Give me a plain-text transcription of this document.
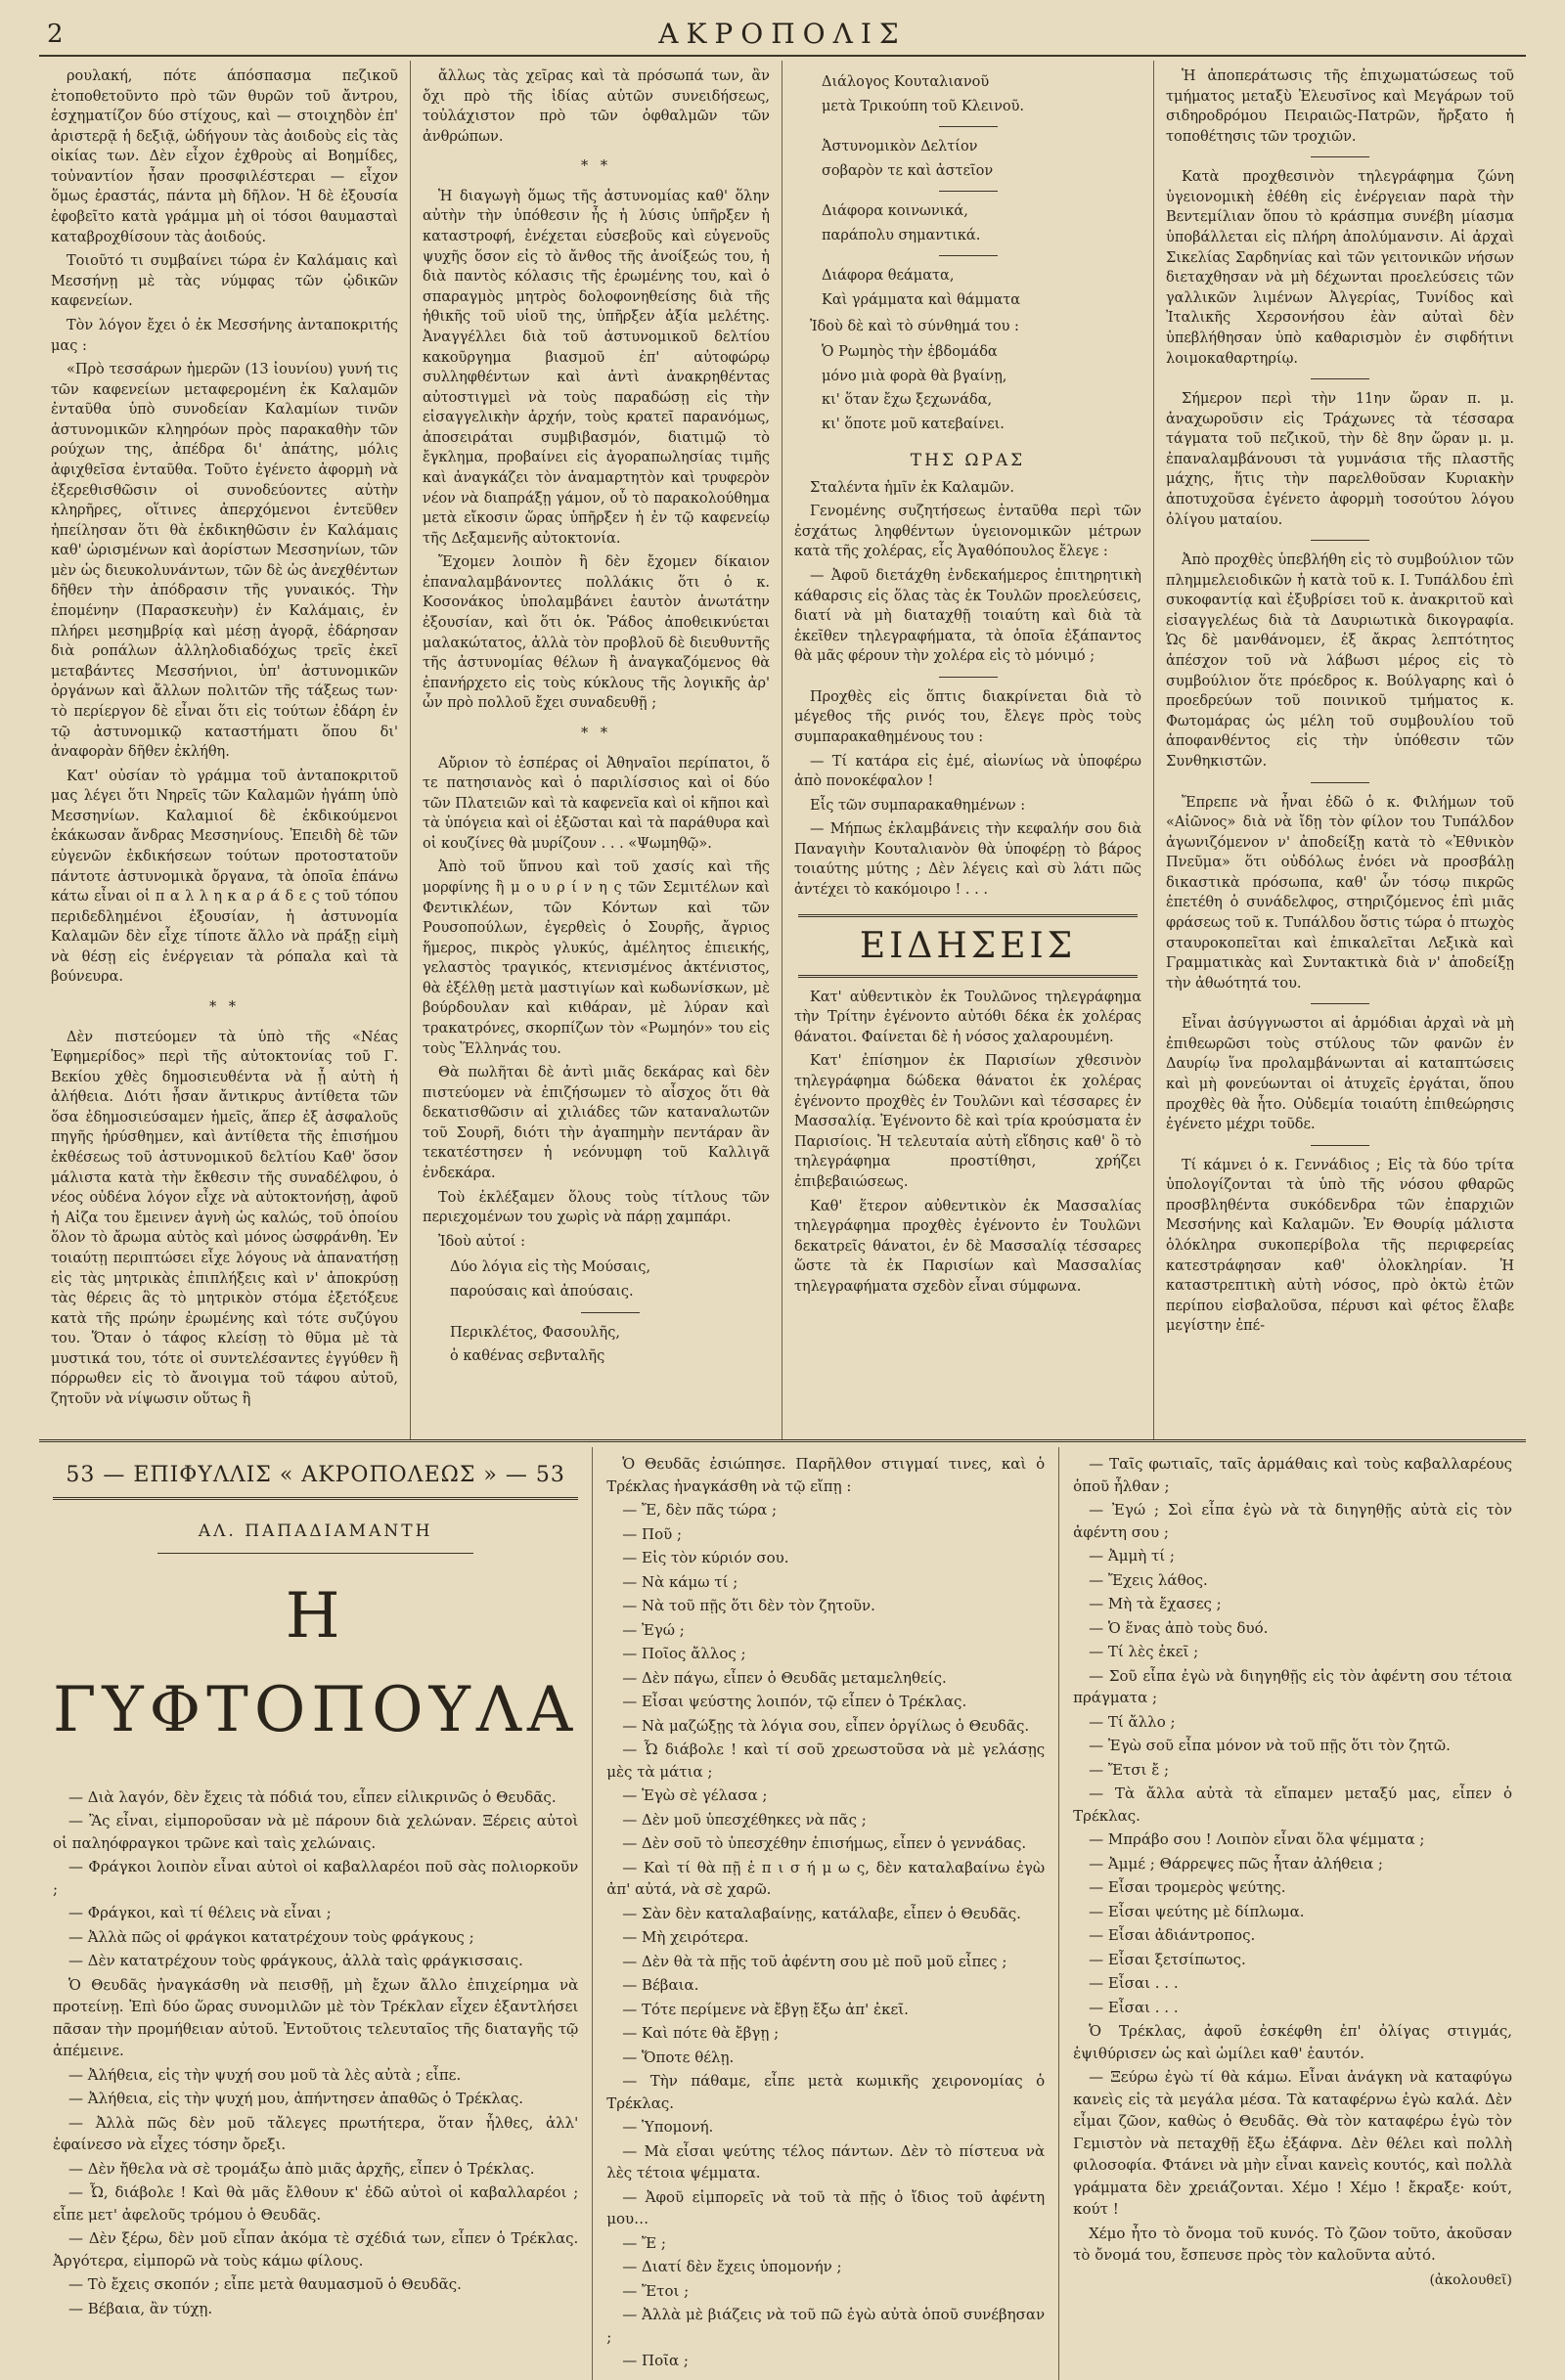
2	ΑΚΡΟΠΟΛΙΣ

ρουλακή, πότε άπόσπασμα πεζικοῦ ἐτοποθετοῦντο πρὸ τῶν θυρῶν τοῦ ἄντρου, ἐσχηματίζον δύο στίχους, καὶ — στοιχηδὸν ἐπ' ἀριστερᾷ ἡ δεξιᾷ, ὡδήγουν τὰς ἀοιδοὺς εἰς τὰς οἰκίας των. Δὲν εἶχον ἐχθροὺς αἱ Βοημίδες, τοὐναντίον ἦσαν προσφιλέστεραι — εἶχον ὅμως ἐραστάς, πάντα μὴ δῆλον. Ἡ δὲ ἐξουσία ἐφοβεῖτο κατὰ γράμμα μὴ οἱ τόσοι θαυμασταὶ καταβροχθίσουν τὰς ἀοιδούς.

Τοιοῦτό τι συμβαίνει τώρα ἐν Καλάμαις καὶ Μεσσήνῃ μὲ τὰς νύμφας τῶν ᾠδικῶν καφενείων.

Τὸν λόγον ἔχει ὁ ἐκ Μεσσήνης ἀνταποκριτής μας :

«Πρὸ τεσσάρων ἡμερῶν (13 ἰουνίου) γυνή τις τῶν καφενείων μεταφερομένη ἐκ Καλαμῶν ἐνταῦθα ὑπὸ συνοδείαν Καλαμίων τινῶν ἀστυνομικῶν κληηρόων πρὸς παρακαθὴν τῶν ρούχων της, ἀπέδρα δι' ἀπάτης, μόλις ἀφιχθεῖσα ἐνταῦθα. Τοῦτο ἐγένετο ἀφορμὴ νὰ ἐξερεθισθῶσιν οἱ συνοδεύοντες αὐτὴν κληρῆρες, οἵτινες ἀπερχόμενοι ἐντεῦθεν ἠπείλησαν ὅτι θὰ ἐκδικηθῶσιν ἐν Καλάμαις καθ' ὡρισμένων καὶ ἀορίστων Μεσσηνίων, τῶν μὲν ὡς διευκολυνάντων, τῶν δὲ ὡς ἀνεχθέντων δῆθεν τὴν ἀπόδρασιν τῆς γυναικός. Τὴν ἐπομένην (Παρασκευὴν) ἐν Καλάμαις, ἐν πλήρει μεσημβρίᾳ καὶ μέσῃ ἀγορᾷ, ἐδάρησαν διὰ ροπάλων ἀλληλοδιαδόχως τρεῖς ἐκεῖ μεταβάντες Μεσσήνιοι, ὑπ' ἀστυνομικῶν ὀργάνων καὶ ἄλλων πολιτῶν τῆς τάξεως των· τὸ περίεργον δὲ εἶναι ὅτι εἰς τούτων ἐδάρη ἐν τῷ ἀστυνομικῷ καταστήματι ὅπου δι' ἀναφορὰν δῆθεν ἐκλήθη.

Κατ' οὐσίαν τὸ γράμμα τοῦ ἀνταποκριτοῦ μας λέγει ὅτι Νηρεῖς τῶν Καλαμῶν ἠγάπη ὑπὸ Μεσσηνίων. Καλαμιοί δὲ ἐκδικούμενοι ἐκάκωσαν ἄνδρας Μεσσηνίους. Ἐπειδὴ δὲ τῶν εὐγενῶν ἐκδικήσεων τούτων προτοστατοῦν πάντοτε ἀστυνομικὰ ὄργανα, τὰ ὁποῖα ἐπάνω κάτω εἶναι οἱ π α λ λ η κ α ρ ά δ ε ς τοῦ τόπου περιδεδλημένοι ἐξουσίαν, ἡ ἀστυνομία Καλαμῶν δὲν εἶχε τίποτε ἄλλο νὰ πράξῃ εἰμὴ νὰ θέσῃ εἰς ἐνέργειαν τὰ ρόπαλα καὶ τὰ βούνευρα.

* *

Δὲν πιστεύομεν τὰ ὑπὸ τῆς «Νέας Ἐφημερίδος» περὶ τῆς αὐτοκτονίας τοῦ Γ. Βεκίου χθὲς δημοσιευθέντα νὰ ᾖ αὐτὴ ἡ ἀλήθεια. Διότι ἦσαν ἄντικρυς ἀντίθετα τῶν ὅσα ἐδημοσιεύσαμεν ἡμεῖς, ἅπερ ἐξ ἀσφαλοῦς πηγῆς ἠρύσθημεν, καὶ ἀντίθετα τῆς ἐπισήμου ἐκθέσεως τοῦ ἀστυνομικοῦ δελτίου Καθ' ὅσον μάλιστα κατὰ τὴν ἔκθεσιν τῆς συναδέλφου, ὁ νέος οὐδένα λόγον εἶχε νὰ αὐτοκτονήσῃ, ἀφοῦ ἡ Αἰζα του ἔμεινεν ἀγνὴ ὡς καλώς, τοῦ ὁποίου ὅλον τὸ ἄρωμα αὐτὸς καὶ μόνος ὠσφράνθη. Ἐν τοιαύτῃ περιπτώσει εἶχε λόγους νὰ ἀπανατήσῃ εἰς τὰς μητρικὰς ἐπιπλήξεις καὶ ν' ἀποκρύσῃ τὰς θέρεις ἃς τὸ μητρικὸν στόμα ἐξετόξευε κατὰ τῆς πρώην ἐρωμένης καὶ τότε συζύγου του. Ὅταν ὁ τάφος κλείσῃ τὸ θῦμα μὲ τὰ μυστικά του, τότε οἱ συντελέσαντες ἐγγύθεν ἢ πόρρωθεν εἰς τὸ ἄνοιγμα τοῦ τάφου αὐτοῦ, ζητοῦν νὰ νίψωσιν οὕτως ἢ

ἄλλως τὰς χεῖρας καὶ τὰ πρόσωπά των, ἂν ὄχι πρὸ τῆς ἰδίας αὐτῶν συνειδήσεως, τοὐλάχιστον πρὸ τῶν ὀφθαλμῶν τῶν ἀνθρώπων.

* *

Ἡ διαγωγὴ ὅμως τῆς ἀστυνομίας καθ' ὅλην αὐτὴν τὴν ὑπόθεσιν ἦς ἡ λύσις ὑπῆρξεν ἡ καταστροφή, ἐνέχεται εὐσεβοῦς καὶ εὐγενοῦς ψυχῆς ὅσον εἰς τὸ ἄνθος τῆς ἀνοίξεώς του, ἡ διὰ παντὸς κόλασις τῆς ἐρωμένης του, καὶ ὁ σπαραγμὸς μητρὸς δολοφονηθείσης διὰ τῆς ἠθικῆς τοῦ υἱοῦ της, ὑπῆρξεν ἀξία μελέτης. Ἀναγγέλλει διὰ τοῦ ἀστυνομικοῦ δελτίου κακοῦργημα βιασμοῦ ἐπ' αὐτοφώρῳ συλληφθέντων καὶ ἀντὶ ἀνακρηθέντας αὐτοστιγμεὶ νὰ τοὺς παραδώσῃ εἰς τὴν εἰσαγγελικὴν ἀρχήν, τοὺς κρατεῖ παρανόμως, ἀποσειράται συμβιβασμόν, διατιμῷ τὸ ἔγκλημα, προβαίνει εἰς ἀγοραπωλησίας τιμῆς καὶ ἀναγκάζει τὸν ἀναμαρτητὸν καὶ τρυφερὸν νέον νὰ διαπράξῃ γάμον, οὗ τὸ παρακολούθημα μετὰ εἴκοσιν ὥρας ὑπῆρξεν ἡ ἐν τῷ καφενείῳ τῆς Δεξαμενῆς αὐτοκτονία.

Ἔχομεν λοιπὸν ἢ δὲν ἔχομεν δίκαιον ἐπαναλαμβάνοντες πολλάκις ὅτι ὁ κ. Κοσονάκος ὑπολαμβάνει ἑαυτὸν ἀνωτάτην ἐξουσίαν, καὶ ὅτι ὁκ. Ῥάδος ἀποθεικνύεται μαλακώτατος, ἀλλὰ τὸν προβλοῦ δὲ διευθυντῆς τῆς ἀστυνομίας θέλων ἢ ἀναγκαζόμενος θὰ ἐπανήρχετο εἰς τοὺς κύκλους τῆς λογικῆς ἀρ' ὧν πρὸ πολλοῦ ἔχει συναδευθῇ ;

* *

Αὔριον τὸ ἑσπέρας οἱ Ἀθηναῖοι περίπατοι, ὅ τε πατησιανὸς καὶ ὁ παριλίσσιος καὶ οἱ δύο τῶν Πλατειῶν καὶ τὰ καφενεῖα καὶ οἱ κῆποι καὶ τὰ ὑπόγεια καὶ οἱ ἐξῶσται καὶ τὰ παράθυρα καὶ οἱ κουζίνες θὰ μυρίζουν . . . «Ψωμηθῷ».

Ἀπὸ τοῦ ὕπνου καὶ τοῦ χασίς καὶ τῆς μορφίνης ἢ μ ο υ ρ ί ν η ς τῶν Σεμιτέλων καὶ Φεντικλέων, τῶν Κόντων καὶ τῶν Ρουσοπούλων, ἐγερθεὶς ὁ Σουρῆς, ἄγριος ἥμερος, πικρὸς γλυκύς, ἀμέλητος ἐπιεικής, γελαστὸς τραγικός, κτενισμένος ἀκτένιστος, θὰ ἐξέλθῃ μετὰ μαστιγίων καὶ κωδωνίσκων, μὲ βούρδουλαν καὶ κιθάραν, μὲ λύραν καὶ τρακατρόνες, σκορπίζων τὸν «Ρωμηόν» του εἰς τοὺς Ἕλληνάς του.

Θὰ πωλῆται δὲ ἀντὶ μιᾶς δεκάρας καὶ δὲν πιστεύομεν νὰ ἐπιζήσωμεν τὸ αἶσχος ὅτι θὰ δεκατισθῶσιν αἱ χιλιάδες τῶν καταναλωτῶν τοῦ Σουρῆ, διότι τὴν ἀγαπημὴν πεντάραν ἂν τεκατέστησεν ἡ νεόνυμφη τοῦ Καλλιγᾶ ἐνδεκάρα.

Τοὺ ἐκλέξαμεν ὅλους τοὺς τίτλους τῶν περιεχομένων του χωρὶς νὰ πάρῃ χαμπάρι.

Ἰδοὺ αὐτοί :

Δύο λόγια εἰς τὴς Μούσαις,

παρούσαις καὶ ἀπούσαις.

Περικλέτος, Φασουλῆς,

ὁ καθένας σεβνταλῆς

Διάλογος Κουταλιανοῦ

μετὰ Τρικούπη τοῦ Κλεινοῦ.

Ἀστυνομικὸν Δελτίον

σοβαρὸν τε καὶ ἀστεῖον

Διάφορα κοινωνικά,

παράπολυ σημαντικά.

Διάφορα θεάματα,

Καὶ γράμματα καὶ θάμματα

Ἰδοὺ δὲ καὶ τὸ σύνθημά του :

Ὁ Ρωμηὸς τὴν ἑβδομάδα

μόνο μιὰ φορὰ θὰ βγαίνῃ,

κι' ὅταν ἔχω ξεχωνάδα,

κι' ὅποτε μοῦ κατεβαίνει.

ΤΗΣ ΩΡΑΣ

Σταλέντα ἡμῖν ἐκ Καλαμῶν.

Γενομένης συζητήσεως ἐνταῦθα περὶ τῶν ἐσχάτως ληφθέντων ὑγειονομικῶν μέτρων κατὰ τῆς χολέρας, εἷς Ἀγαθόπουλος ἔλεγε :

— Ἀφοῦ διετάχθη ἐνδεκαήμερος ἐπιτηρητικὴ κάθαρσις εἰς ὅλας τὰς ἐκ Τουλῶν προελεύσεις, διατί νὰ μὴ διαταχθῇ τοιαύτη καὶ διὰ τὰ ἐκεῖθεν τηλεγραφήματα, τὰ ὁποῖα ἐξάπαντος θὰ μᾶς φέρουν τὴν χολέρα εἰς τὸ μόνιμό ;

Προχθὲς εἰς ὅπτις διακρίνεται διὰ τὸ μέγεθος τῆς ρινός του, ἔλεγε πρὸς τοὺς συμπαρακαθημένους του :

— Τί κατάρα εἰς ἐμέ, αἰωνίως νὰ ὑποφέρω ἀπὸ πονοκέφαλον !

Εἷς τῶν συμπαρακαθημένων :

— Μήπως ἐκλαμβάνεις τὴν κεφαλήν σου διὰ Παναγιὴν Κουταλιανὸν θὰ ὑποφέρῃ τὸ βάρος τοιαύτης μύτης ; Δὲν λέγεις καὶ σὺ λάτι πῶς ἀντέχει τὸ κακόμοιρο ! . . .

ΕΙΔΗΣΕΙΣ

Κατ' αὐθεντικὸν ἐκ Τουλῶνος τηλεγράφημα τὴν Τρίτην ἐγένοντο αὐτόθι δέκα ἐκ χολέρας θάνατοι. Φαίνεται δὲ ἡ νόσος χαλαρουμένη.

Κατ' ἐπίσημον ἐκ Παρισίων χθεσινὸν τηλεγράφημα δώδεκα θάνατοι ἐκ χολέρας ἐγένοντο προχθὲς ἐν Τουλῶνι καὶ τέσσαρες ἐν Μασσαλίᾳ. Ἐγένοντο δὲ καὶ τρία κρούσματα ἐν Παρισίοις. Ἡ τελευταία αὐτὴ εἴδησις καθ' ὃ τὸ τηλεγράφημα προστίθησι, χρήζει ἐπιβεβαιώσεως.

Καθ' ἕτερον αὐθεντικὸν ἐκ Μασσαλίας τηλεγράφημα προχθὲς ἐγένοντο ἐν Τουλῶνι δεκατρεῖς θάνατοι, ἐν δὲ Μασσαλίᾳ τέσσαρες ὥστε τὰ ἐκ Παρισίων καὶ Μασσαλίας τηλεγραφήματα σχεδὸν εἶναι σύμφωνα.

Ἡ ἀποπεράτωσις τῆς ἐπιχωματώσεως τοῦ τμήματος μεταξὺ Ἐλευσῖνος καὶ Μεγάρων τοῦ σιδηροδρόμου Πειραιῶς-Πατρῶν, ἤρξατο ἡ τοποθέτησις τῶν τροχιῶν.

Κατὰ προχθεσινὸν τηλεγράφημα ζώνη ὑγειονομικὴ ἐθέθη εἰς ἐνέργειαν παρὰ τὴν Βεντεμίλιαν ὅπου τὸ κράσπμα συνέβη μίασμα ὑποβάλλεται εἰς πλήρη ἀπολύμανσιν. Αἱ ἀρχαὶ Σικελίας Σαρδηνίας καὶ τῶν γειτονικῶν νήσων διεταχθησαν νὰ μὴ δέχωνται προελεύσεις τῶν γαλλικῶν λιμένων Ἀλγερίας, Τυνίδος καὶ Ἰταλικῆς Χερσονήσου ἐὰν αὐταὶ δὲν ὑπεβλήθησαν ὑπὸ καθαρισμὸν ἐν σιφδήτινι λοιμοκαθαρτηρίῳ.

Σήμερον περὶ τὴν 11ην ὥραν π. μ. ἀναχωροῦσιν εἰς Τράχωνες τὰ τέσσαρα τάγματα τοῦ πεζικοῦ, τὴν δὲ 8ην ὥραν μ. μ. ἐπαναλαμβάνουσι τὰ γυμνάσια τῆς πλαστῆς μάχης, ἥτις τὴν παρελθοῦσαν Κυριακὴν ἀποτυχοῦσα ἐγένετο ἀφορμὴ τοσούτου λόγου ὀλίγου ματαίου.

Ἀπὸ προχθὲς ὑπεβλήθη εἰς τὸ συμβούλιον τῶν πλημμελειοδικῶν ἡ κατὰ τοῦ κ. Ι. Τυπάλδου ἐπὶ συκοφαντίᾳ καὶ ἐξυβρίσει τοῦ κ. ἀνακριτοῦ καὶ εἰσαγγελέως διὰ τὰ Δαυριωτικὰ δικογραφία. Ὡς δὲ μανθάνομεν, ἐξ ἄκρας λεπτότητος ἀπέσχον τοῦ νὰ λάβωσι μέρος εἰς τὸ συμβούλιον ὅτε πρόεδρος κ. Βούλγαρης καὶ ὁ προεδρεύων τοῦ ποινικοῦ τμήματος κ. Φωτομάρας ὡς μέλη τοῦ συμβουλίου τοῦ ἀποφανθέντος εἰς τὴν ὑπόθεσιν τῶν Συνθηκιστῶν.

Ἔπρεπε νὰ ἦναι ἐδῶ ὁ κ. Φιλήμων τοῦ «Αἰῶνος» διὰ νὰ ἴδῃ τὸν φίλον του Τυπάλδον ἀγωνιζόμενον ν' ἀποδείξῃ κατὰ τὸ «Ἐθνικὸν Πνεῦμα» ὅτι οὐδόλως ἐνόει νὰ προσβάλῃ δικαστικὰ πρόσωπα, καθ' ὧν τόσῳ πικρῶς ἐπετέθη ὁ συνάδελφος, στηριζόμενος ἐπὶ μιᾶς φράσεως τοῦ κ. Τυπάλδου ὅστις τώρα ὁ πτωχὸς σταυροκοπεῖται καὶ ἐπικαλεῖται Λεξικὰ καὶ Γραμματικὰς καὶ Συντακτικὰ διὰ ν' ἀποδείξῃ τὴν ἀθωότητά του.

Εἶναι ἀσύγγνωστοι αἱ ἁρμόδιαι ἀρχαὶ νὰ μὴ ἐπιθεωρῶσι τοὺς στύλους τῶν φανῶν ἐν Δαυρίῳ ἵνα προλαμβάνωνται αἱ καταπτώσεις καὶ μὴ φονεύωνται οἱ ἀτυχεῖς ἐργάται, ὅπου προχθὲς θὰ ἦτο. Οὐδεμία τοιαύτη ἐπιθεώρησις ἐγένετο μέχρι τοῦδε.

Τί κάμνει ὁ κ. Γεννάδιος ; Εἰς τὰ δύο τρίτα ὑπολογίζονται τὰ ὑπὸ τῆς νόσου φθαρῶς προσβληθέντα συκόδενδρα τῶν ἐπαρχιῶν Μεσσήνης καὶ Καλαμῶν. Ἐν Θουρίᾳ μάλιστα ὁλόκληρα συκοπερίβολα τῆς περιφερείας κατεστράφησαν καθ' ὁλοκληρίαν. Ἡ καταστρεπτικὴ αὐτὴ νόσος, πρὸ ὀκτὼ ἐτῶν περίπου εἰσβαλοῦσα, πέρυσι καὶ φέτος ἔλαβε μεγίστην ἐπέ-

53 — ΕΠΙΦΥΛΛΙΣ « ΑΚΡΟΠΟΛΕΩΣ » — 53
ΑΛ. ΠΑΠΑΔΙΑΜΑΝΤΗ
Η ΓΥΦΤΟΠΟΥΛΑ

— Διὰ λαγόν, δὲν ἔχεις τὰ πόδιά του, εἶπεν εἰλικρινῶς ὁ Θευδᾶς.

— Ἂς εἶναι, εἰμποροῦσαν νὰ μὲ πάρουν διὰ χελώναν. Ξέρεις αὐτοὶ οἱ παληόφραγκοι τρῶνε καὶ ταὶς χελώναις.

— Φράγκοι λοιπὸν εἶναι αὐτοὶ οἱ καβαλλαρέοι ποῦ σὰς πολιορκοῦν ;

— Φράγκοι, καὶ τί θέλεις νὰ εἶναι ;

— Ἀλλὰ πῶς οἱ φράγκοι κατατρέχουν τοὺς φράγκους ;

— Δὲν κατατρέχουν τοὺς φράγκους, ἀλλὰ ταὶς φράγκισσαις.

Ὁ Θευδᾶς ἠναγκάσθη νὰ πεισθῇ, μὴ ἔχων ἄλλο ἐπιχείρημα νὰ προτείνῃ. Ἐπὶ δύο ὥρας συνομιλῶν μὲ τὸν Τρέκλαν εἶχεν ἐξαντλήσει πᾶσαν τὴν προμήθειαν αὐτοῦ. Ἐντοῦτοις τελευταῖος τῆς διαταγῆς τῷ ἀπέμεινε.

— Ἀλήθεια, εἰς τὴν ψυχή σου μοῦ τὰ λὲς αὐτὰ ; εἶπε.

— Ἀλήθεια, εἰς τὴν ψυχή μου, ἀπήντησεν ἀπαθῶς ὁ Τρέκλας.

— Ἀλλὰ πῶς δὲν μοῦ τἄλεγες πρωτήτερα, ὅταν ἦλθες, ἀλλ' ἐφαίνεσο νὰ εἶχες τόσην ὄρεξι.

— Δὲν ἤθελα νὰ σὲ τρομάξω ἀπὸ μιᾶς ἀρχῆς, εἶπεν ὁ Τρέκλας.

— Ὦ, διάβολε ! Καὶ θὰ μᾶς ἔλθουν κ' ἐδῶ αὐτοὶ οἱ καβαλλαρέοι ; εἶπε μετ' ἀφελοῦς τρόμου ὁ Θευδᾶς.

— Δὲν ξέρω, δὲν μοῦ εἶπαν ἀκόμα τὲ σχέδιά των, εἶπεν ὁ Τρέκλας. Ἀργότερα, εἰμπορῶ νὰ τοὺς κάμω φίλους.

— Τὸ ἔχεις σκοπόν ; εἶπε μετὰ θαυμασμοῦ ὁ Θευδᾶς.

— Βέβαια, ἂν τύχῃ.

Ὁ Θευδᾶς ἐσιώπησε. Παρῆλθον στιγμαί τινες, καὶ ὁ Τρέκλας ἠναγκάσθη νὰ τῷ εἴπῃ :

— Ἔ, δὲν πᾶς τώρα ;

— Ποῦ ;

— Εἰς τὸν κύριόν σου.

— Νὰ κάμω τί ;

— Νὰ τοῦ πῇς ὅτι δὲν τὸν ζητοῦν.

— Ἐγώ ;

— Ποῖος ἄλλος ;

— Δὲν πάγω, εἶπεν ὁ Θευδᾶς μεταμεληθείς.

— Εἶσαι ψεύστης λοιπόν, τῷ εἶπεν ὁ Τρέκλας.

— Νὰ μαζώξῃς τὰ λόγια σου, εἶπεν ὀργίλως ὁ Θευδᾶς.

— Ὦ διάβολε ! καὶ τί σοῦ χρεωστοῦσα νὰ μὲ γελάσῃς μὲς τὰ μάτια ;

— Ἐγὼ σὲ γέλασα ;

— Δὲν μοῦ ὑπεσχέθηκες νὰ πᾶς ;

— Δὲν σοῦ τὸ ὑπεσχέθην ἐπισήμως, εἶπεν ὁ γεννάδας.

— Καὶ τί θὰ πῇ ἐ π ι σ ή μ ω ς, δὲν καταλαβαίνω ἐγὼ ἀπ' αὐτά, νὰ σὲ χαρῶ.

— Σὰν δὲν καταλαβαίνῃς, κατάλαβε, εἶπεν ὁ Θευδᾶς.

— Μὴ χειρότερα.

— Δὲν θὰ τὰ πῇς τοῦ ἀφέντη σου μὲ ποῦ μοῦ εἶπες ;

— Βέβαια.

— Τότε περίμενε νὰ ἔβγῃ ἔξω ἀπ' ἐκεῖ.

— Καὶ πότε θὰ ἔβγῃ ;

— Ὅποτε θέλῃ.

— Τὴν πάθαμε, εἶπε μετὰ κωμικῆς χειρονομίας ὁ Τρέκλας.

— Ὑπομονή.

— Μὰ εἶσαι ψεύτης τέλος πάντων. Δὲν τὸ πίστευα νὰ λὲς τέτοια ψέμματα.

— Ἀφοῦ εἰμπορεῖς νὰ τοῦ τὰ πῇς ὁ ἴδιος τοῦ ἀφέντη μου…

— Ἔ ;

— Διατί δὲν ἔχεις ὑπομονήν ;

— Ἔτοι ;

— Ἀλλὰ μὲ βιάζεις νὰ τοῦ πῶ ἐγὼ αὐτὰ ὁποῦ συνέβησαν ;

— Ποῖα ;

— Ταῖς φωτιαῖς, ταῖς ἁρμάθαις καὶ τοὺς καβαλλαρέους ὁποῦ ἦλθαν ;

— Ἐγώ ; Σοὶ εἶπα ἐγὼ νὰ τὰ διηγηθῇς αὐτὰ εἰς τὸν ἀφέντη σου ;

— Ἀμμὴ τί ;

— Ἔχεις λάθος.

— Μὴ τὰ ἔχασες ;

— Ὁ ἕνας ἀπὸ τοὺς δυό.

— Τί λὲς ἐκεῖ ;

— Σοῦ εἶπα ἐγὼ νὰ διηγηθῇς εἰς τὸν ἀφέντη σου τέτοια πράγματα ;

— Τί ἄλλο ;

— Ἐγὼ σοῦ εἶπα μόνον νὰ τοῦ πῇς ὅτι τὸν ζητῶ.

— Ἔτσι ἔ ;

— Τὰ ἄλλα αὐτὰ τὰ εἴπαμεν μεταξύ μας, εἶπεν ὁ Τρέκλας.

— Μπράβο σου ! Λοιπὸν εἶναι ὅλα ψέμματα ;

— Ἀμμέ ; Θάρρεψες πῶς ἦταν ἀλήθεια ;

— Εἶσαι τρομερὸς ψεύτης.

— Εἶσαι ψεύτης μὲ δίπλωμα.

— Εἶσαι ἀδιάντροπος.

— Εἶσαι ξετσίπωτος.

— Εἶσαι . . .

— Εἶσαι . . .

Ὁ Τρέκλας, ἀφοῦ ἐσκέφθη ἐπ' ὀλίγας στιγμάς, ἐψιθύρισεν ὡς καὶ ὡμίλει καθ' ἑαυτόν.

— Ξεύρω ἐγὼ τί θὰ κάμω. Εἶναι ἀνάγκη νὰ καταφύγω κανεὶς εἰς τὰ μεγάλα μέσα. Τὰ καταφέρνω ἐγὼ καλά. Δὲν εἶμαι ζῶον, καθὼς ὁ Θευδᾶς. Θὰ τὸν καταφέρω ἐγὼ τὸν Γεμιστὸν νὰ πεταχθῇ ἔξω ἐξάφνα. Δὲν θέλει καὶ πολλὴ φιλοσοφία. Φτάνει νὰ μὴν εἶναι κανεὶς κουτός, καὶ πολλὰ γράμματα δὲν χρειάζονται. Χέμο ! Χέμο ! ἔκραξε· κούτ, κούτ !

Χέμο ἦτο τὸ ὄνομα τοῦ κυνός. Τὸ ζῶον τοῦτο, ἀκοῦσαν τὸ ὄνομά του, ἔσπευσε πρὸς τὸν καλοῦντα αὐτό.

(ἀκολουθεῖ)
